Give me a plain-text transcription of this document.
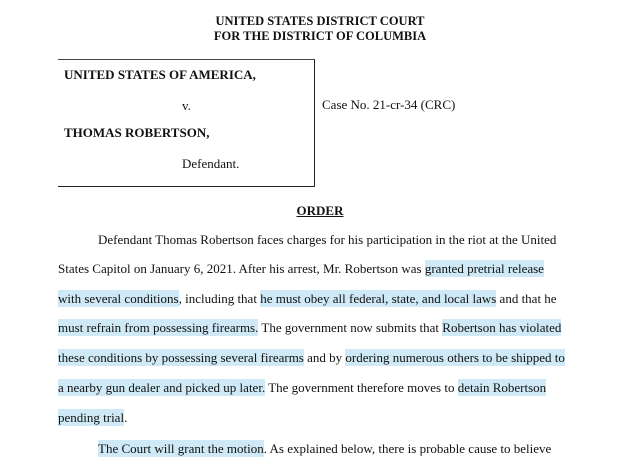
UNITED STATES DISTRICT COURT
FOR THE DISTRICT OF COLUMBIA
UNITED STATES OF AMERICA,
v.
THOMAS ROBERTSON,
Defendant.
Case No. 21-cr-34 (CRC)
ORDER
Defendant Thomas Robertson faces charges for his participation in the riot at the United
States Capitol on January 6, 2021. After his arrest, Mr. Robertson was granted pretrial release
with several conditions, including that he must obey all federal, state, and local laws and that he
must refrain from possessing firearms. The government now submits that Robertson has violated
these conditions by possessing several firearms and by ordering numerous others to be shipped to
a nearby gun dealer and picked up later. The government therefore moves to detain Robertson
pending trial.
The Court will grant the motion. As explained below, there is probable cause to believe
